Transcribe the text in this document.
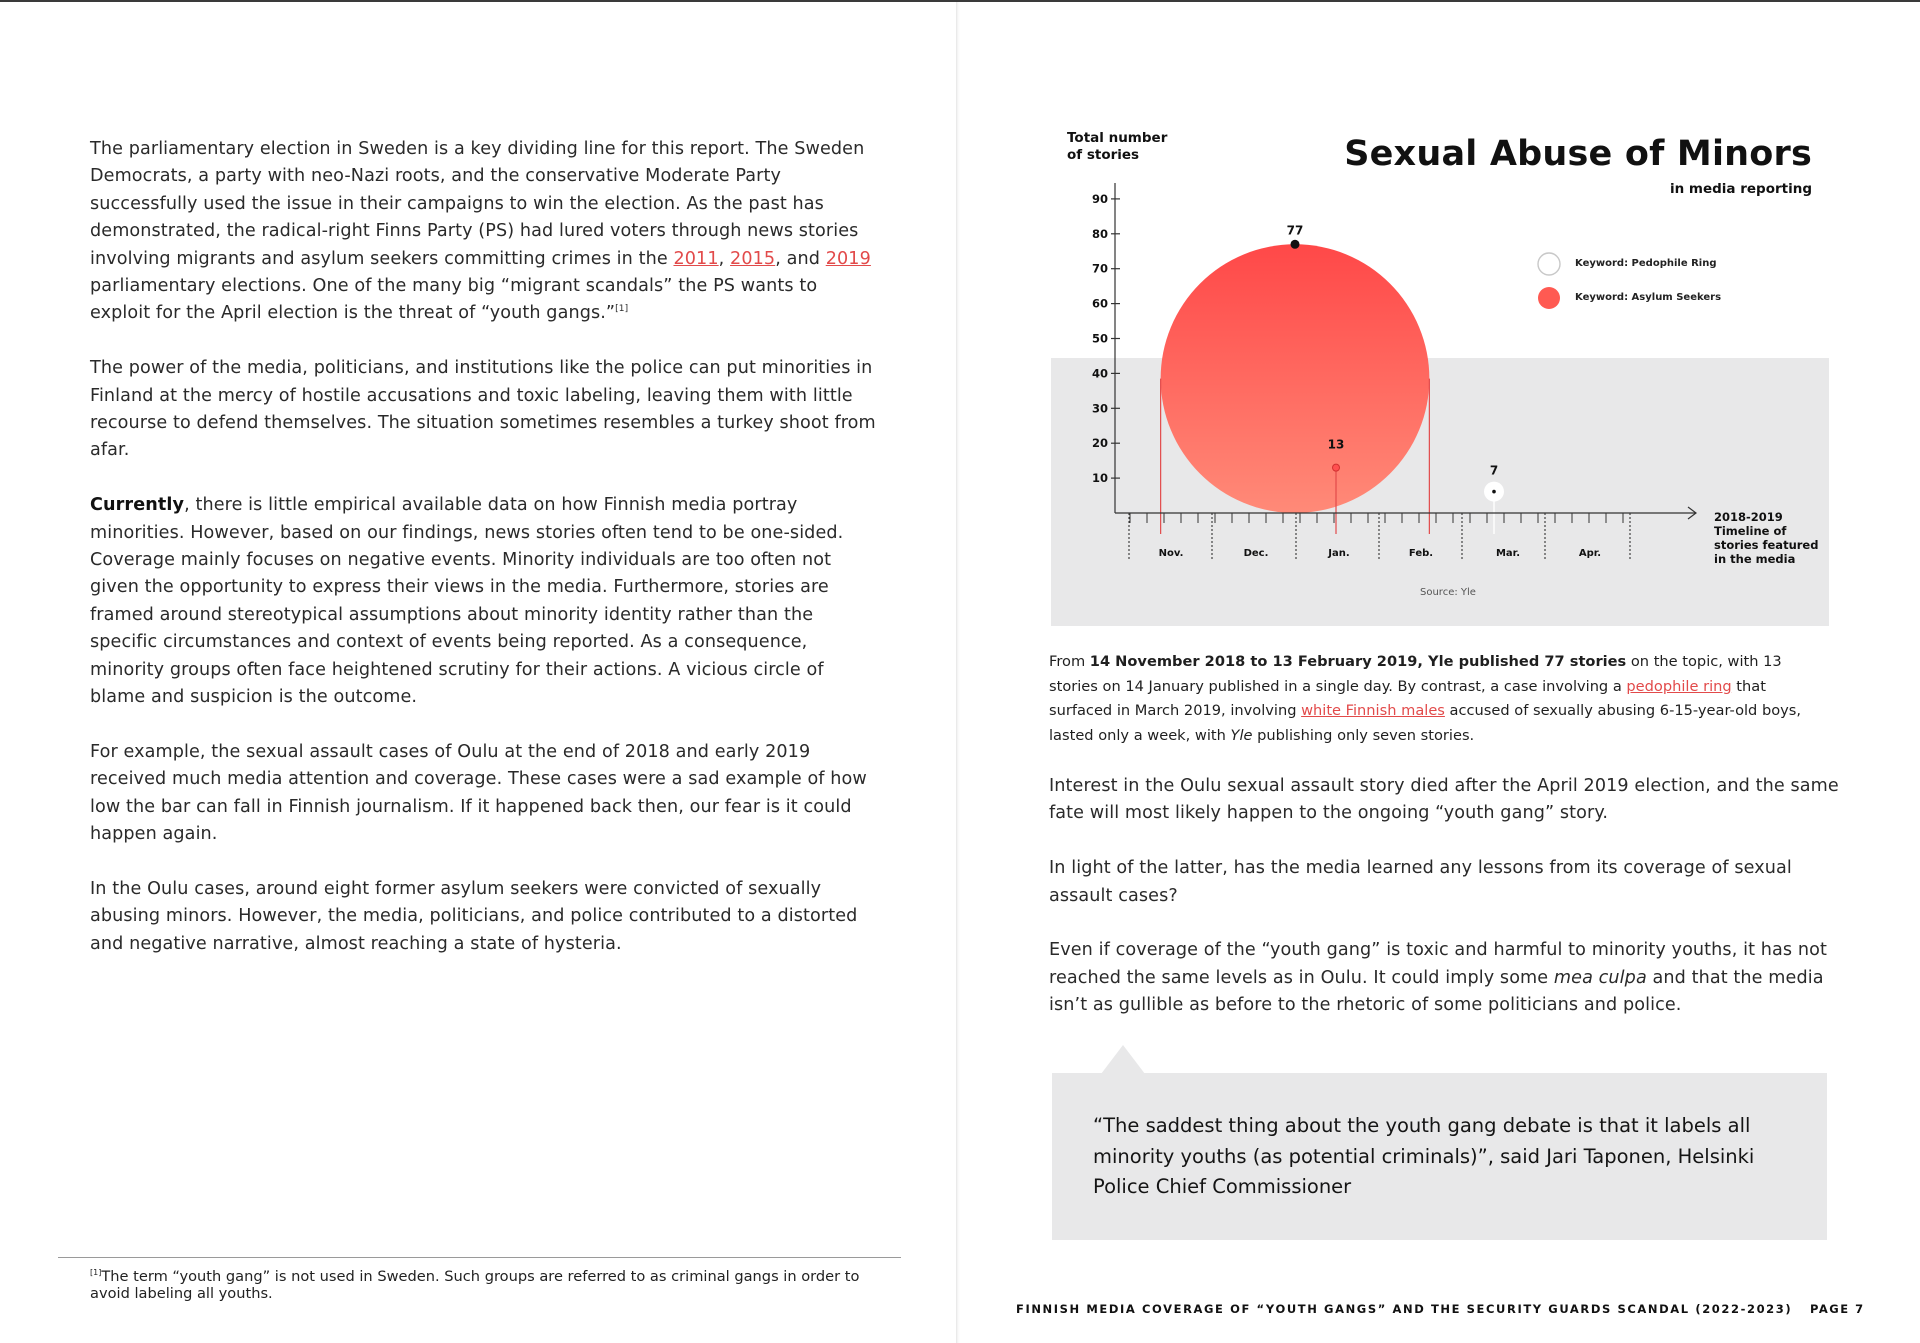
The parliamentary election in Sweden is a key dividing line for this report. The Sweden Democrats, a party with neo-Nazi roots, and the conservative Moderate Party successfully used the issue in their campaigns to win the election. As the past has demonstrated, the radical-right Finns Party (PS) had lured voters through news stories involving migrants and asylum seekers committing crimes in the 2011, 2015, and 2019 parliamentary elections. One of the many big “migrant scandals” the PS wants to exploit for the April election is the threat of “youth gangs.”[1]

The power of the media, politicians, and institutions like the police can put minorities in Finland at the mercy of hostile accusations and toxic labeling, leaving them with little recourse to defend themselves. The situation sometimes resembles a turkey shoot from afar.

Currently, there is little empirical available data on how Finnish media portray minorities. However, based on our findings, news stories often tend to be one-sided. Coverage mainly focuses on negative events. Minority individuals are too often not given the opportunity to express their views in the media. Furthermore, stories are framed around stereotypical assumptions about minority identity rather than the specific circumstances and context of events being reported. As a consequence, minority groups often face heightened scrutiny for their actions. A vicious circle of blame and suspicion is the outcome.

For example, the sexual assault cases of Oulu at the end of 2018 and early 2019 received much media attention and coverage. These cases were a sad example of how low the bar can fall in Finnish journalism. If it happened back then, our fear is it could happen again.

In the Oulu cases, around eight former asylum seekers were convicted of sexually abusing minors. However, the media, politicians, and police contributed to a distorted and negative narrative, almost reaching a state of hysteria.

[1]The term “youth gang” is not used in Sweden. Such groups are referred to as criminal gangs in order to avoid labeling all youths.
Total number
of stories	Sexual Abuse of Minors
in media reporting
77
13
7
10
20
30
40
50
60
70
80
90
Nov.	Dec.	Jan.	Feb.	Mar.	Apr.
Keyword: Pedophile Ring
Keyword: Asylum Seekers
2018-2019
Timeline of
stories featured
in the media
Source: Yle
From 14 November 2018 to 13 February 2019, Yle published 77 stories on the topic, with 13 stories on 14 January published in a single day. By contrast, a case involving a pedophile ring that surfaced in March 2019, involving white Finnish males accused of sexually abusing 6-15-year-old boys, lasted only a week, with Yle publishing only seven stories.

Interest in the Oulu sexual assault story died after the April 2019 election, and the same fate will most likely happen to the ongoing “youth gang” story.

In light of the latter, has the media learned any lessons from its coverage of sexual assault cases?

Even if coverage of the “youth gang” is toxic and harmful to minority youths, it has not reached the same levels as in Oulu. It could imply some mea culpa and that the media isn’t as gullible as before to the rhetoric of some politicians and police.

“The saddest thing about the youth gang debate is that it labels all minority youths (as potential criminals)”, said Jari Taponen, Helsinki Police Chief Commissioner
FINNISH MEDIA COVERAGE OF “YOUTH GANGS” AND THE SECURITY GUARDS SCANDAL (2022-2023) PAGE 7
